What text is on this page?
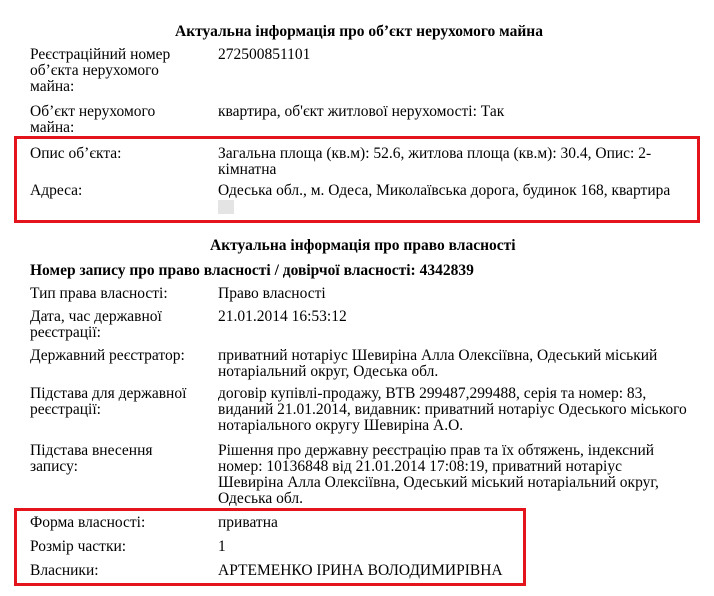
Актуальна інформація про об’єкт нерухомого майна
Реєстраційний номер об’єкта нерухомого майна:
272500851101
Об’єкт нерухомого майна:
квартира, об'єкт житлової нерухомості: Так
Опис об’єкта:	Загальна площа (кв.м): 52.6, житлова площа (кв.м): 30.4, Опис: 2-кімнатна
Адреса:	Одеська обл., м. Одеса, Миколаївська дорога, будинок 168, квартира
Актуальна інформація про право власності
Номер запису про право власності / довірчої власності: 4342839
Тип права власності:	Право власності
Дата, час державної реєстрації:
21.01.2014 16:53:12
Державний реєстратор:	приватний нотаріус Шевиріна Алла Олексіївна, Одеський міський нотаріальний округ, Одеська обл.
Підстава для державної реєстрації:
договір купівлі-продажу, ВТВ 299487,299488, серія та номер: 83, виданий 21.01.2014, видавник: приватний нотаріус Одеського міського нотаріального округу Шевиріна А.О.
Підстава внесення запису:
Рішення про державну реєстрацію прав та їх обтяжень, індексний номер: 10136848 від 21.01.2014 17:08:19, приватний нотаріус Шевиріна Алла Олексіївна, Одеський міський нотаріальний округ, Одеська обл.
Форма власності:	приватна
Розмір частки:	1
Власники:	АРТЕМЕНКО ІРИНА ВОЛОДИМИРІВНА
